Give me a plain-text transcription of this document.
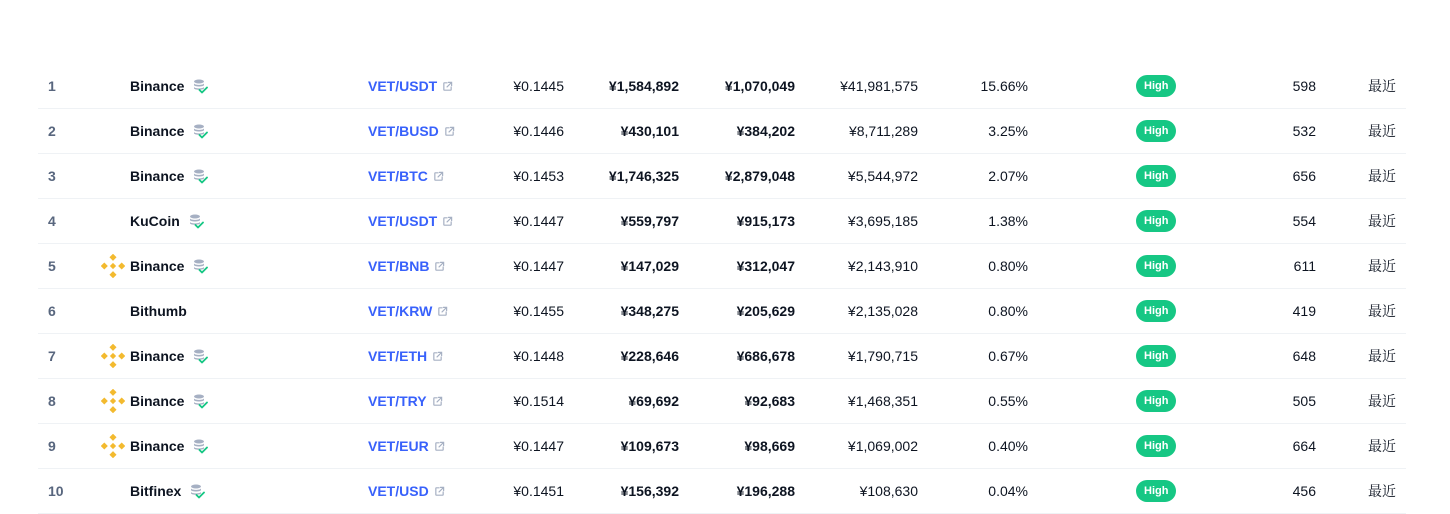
1	Binance	VET/USDT	¥0.1445	¥1,584,892	¥1,070,049	¥41,981,575	15.66%	High	598	最近
2	Binance	VET/BUSD	¥0.1446	¥430,101	¥384,202	¥8,711,289	3.25%	High	532	最近
3	Binance	VET/BTC	¥0.1453	¥1,746,325	¥2,879,048	¥5,544,972	2.07%	High	656	最近
4	KuCoin	VET/USDT	¥0.1447	¥559,797	¥915,173	¥3,695,185	1.38%	High	554	最近
5	Binance	VET/BNB	¥0.1447	¥147,029	¥312,047	¥2,143,910	0.80%	High	611	最近
6	Bithumb	VET/KRW	¥0.1455	¥348,275	¥205,629	¥2,135,028	0.80%	High	419	最近
7	Binance	VET/ETH	¥0.1448	¥228,646	¥686,678	¥1,790,715	0.67%	High	648	最近
8	Binance	VET/TRY	¥0.1514	¥69,692	¥92,683	¥1,468,351	0.55%	High	505	最近
9	Binance	VET/EUR	¥0.1447	¥109,673	¥98,669	¥1,069,002	0.40%	High	664	最近
10	Bitfinex	VET/USD	¥0.1451	¥156,392	¥196,288	¥108,630	0.04%	High	456	最近
